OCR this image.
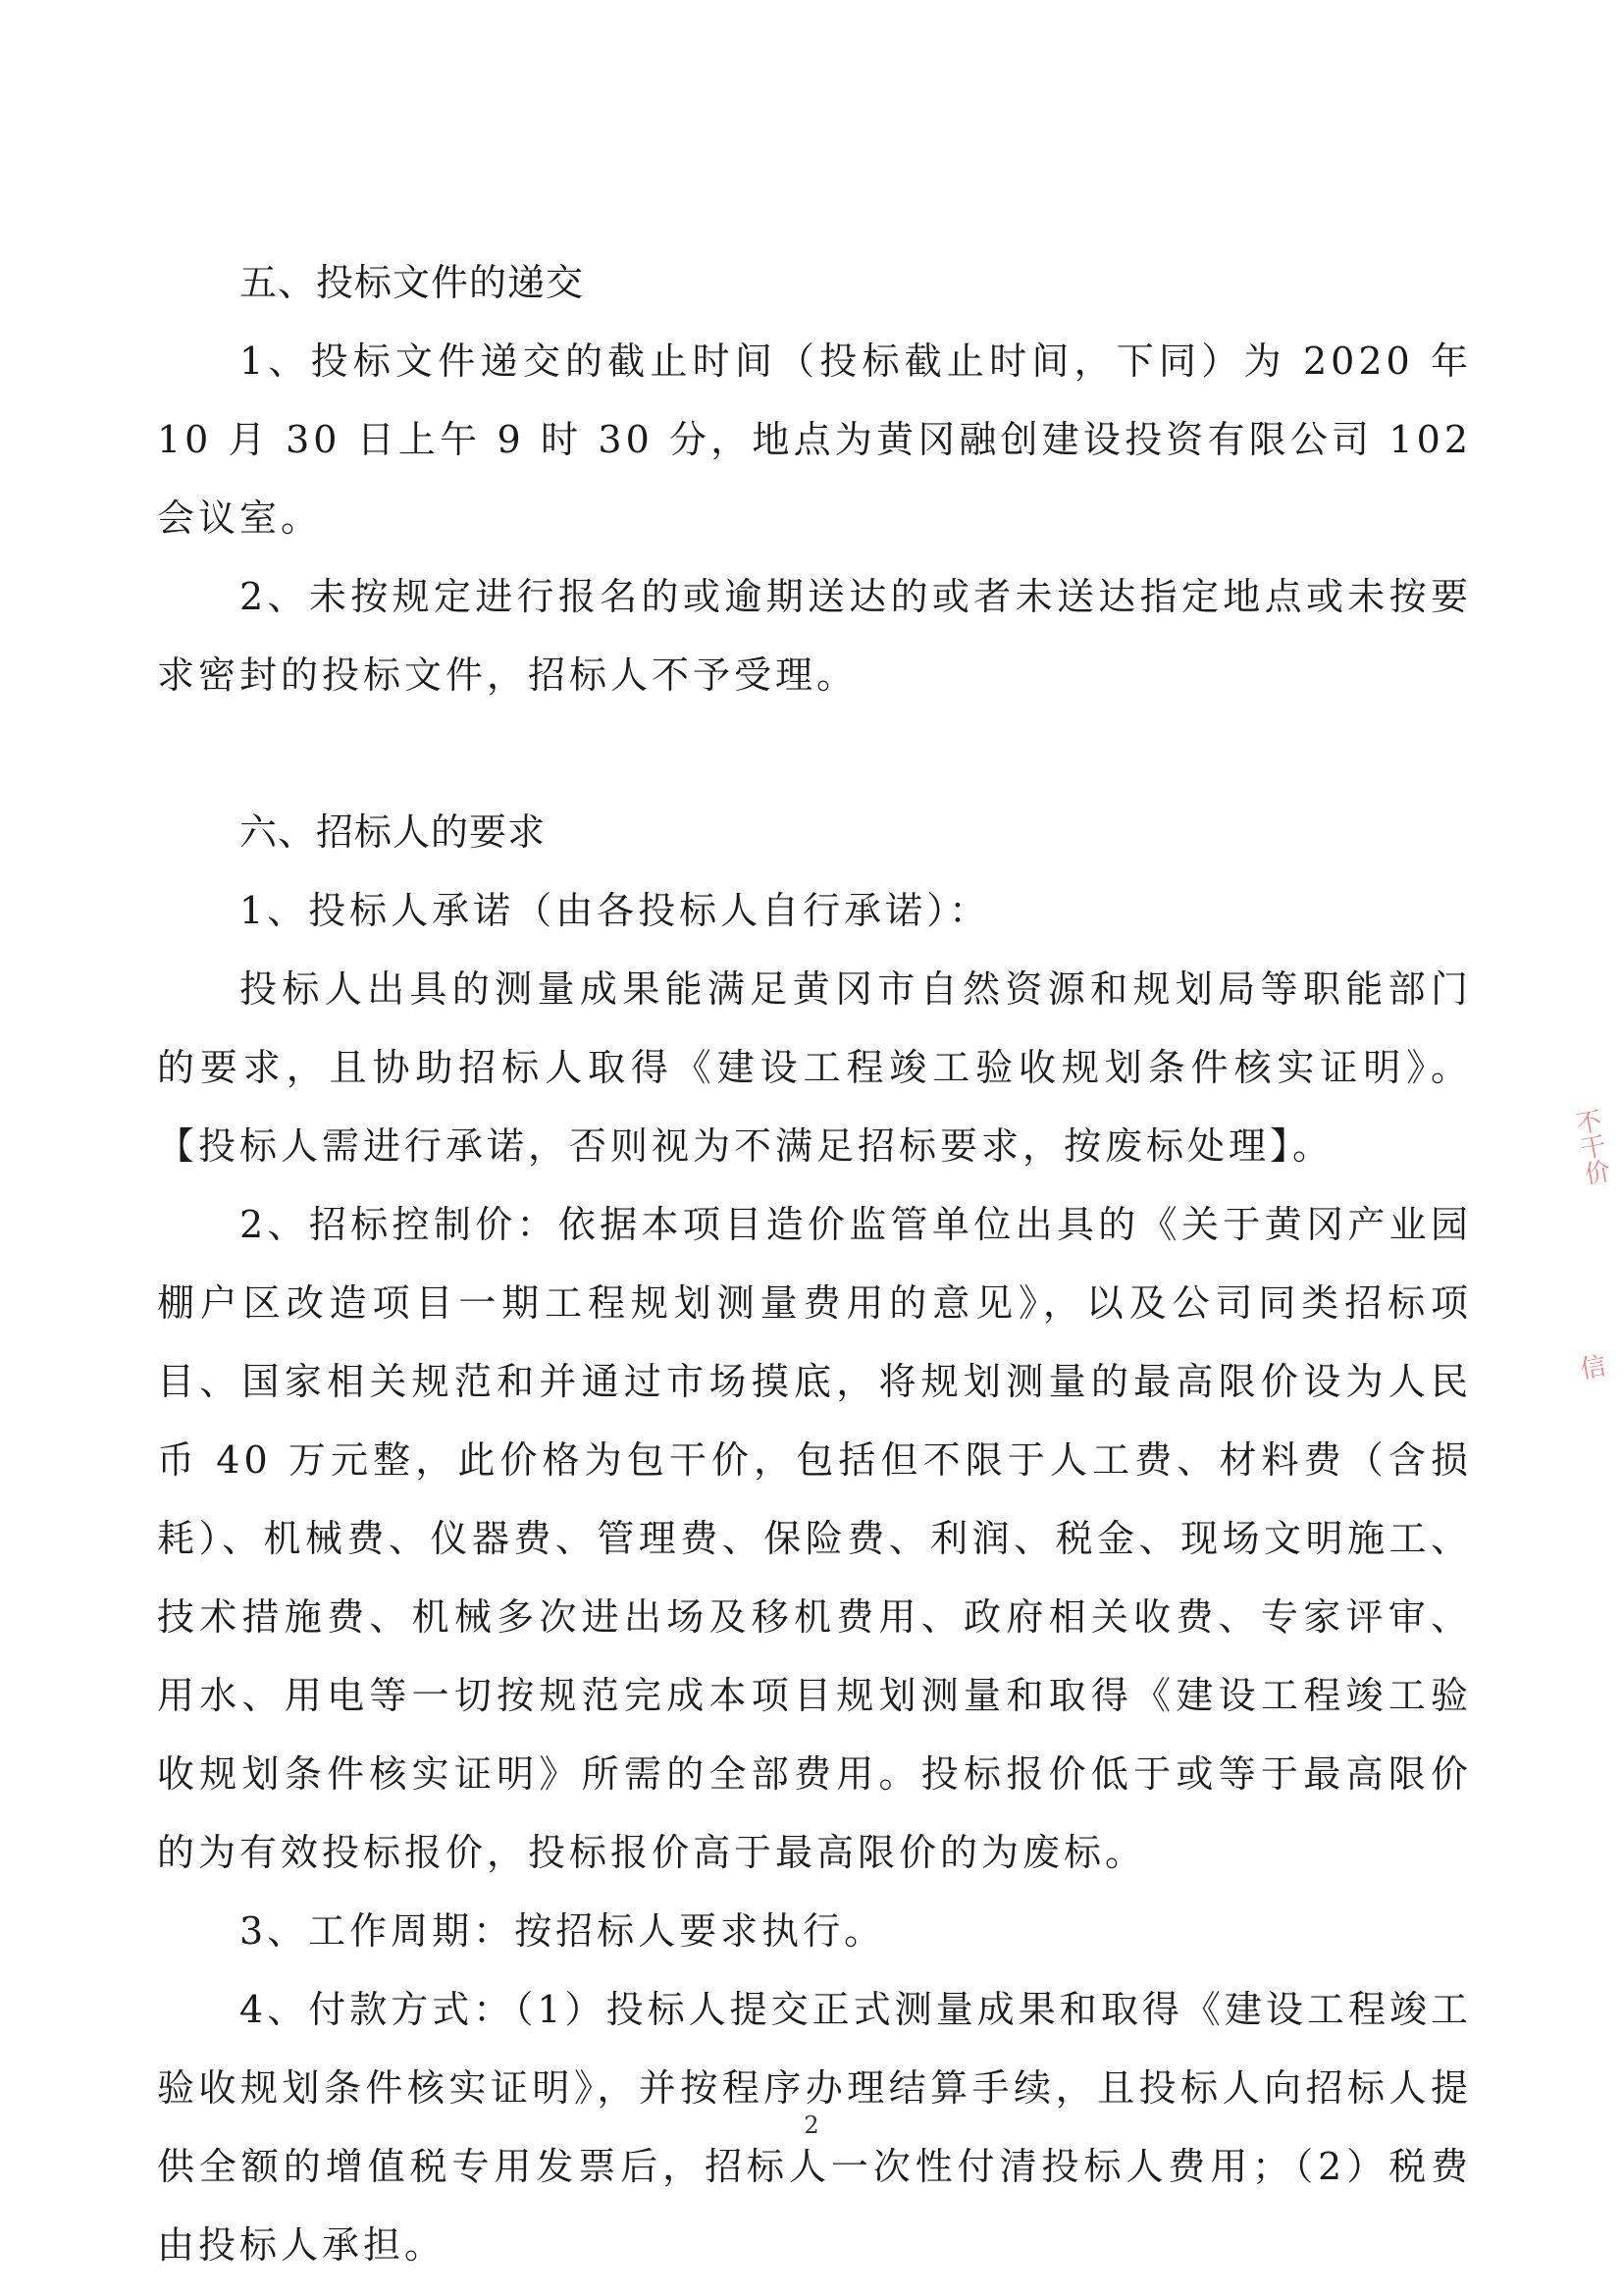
五、投标文件的递交

1、投标文件递交的截止时间（投标截止时间，下同）为 2020 年 10 月 30 日上午 9 时 30 分，地点为黄冈融创建设投资有限公司 102 会议室。

2、未按规定进行报名的或逾期送达的或者未送达指定地点或未按要求密封的投标文件，招标人不予受理。

六、招标人的要求

1、投标人承诺（由各投标人自行承诺）：

投标人出具的测量成果能满足黄冈市自然资源和规划局等职能部门的要求，且协助招标人取得《建设工程竣工验收规划条件核实证明》。【投标人需进行承诺，否则视为不满足招标要求，按废标处理】。

2、招标控制价：依据本项目造价监管单位出具的《关于黄冈产业园棚户区改造项目一期工程规划测量费用的意见》，以及公司同类招标项目、国家相关规范和并通过市场摸底，将规划测量的最高限价设为人民币 40 万元整，此价格为包干价，包括但不限于人工费、材料费（含损耗）、机械费、仪器费、管理费、保险费、利润、税金、现场文明施工、技术措施费、机械多次进出场及移机费用、政府相关收费、专家评审、用水、用电等一切按规范完成本项目规划测量和取得《建设工程竣工验收规划条件核实证明》所需的全部费用。投标报价低于或等于最高限价的为有效投标报价，投标报价高于最高限价的为废标。

3、工作周期：按招标人要求执行。

4、付款方式：（1）投标人提交正式测量成果和取得《建设工程竣工验收规划条件核实证明》，并按程序办理结算手续，且投标人向招标人提供全额的增值税专用发票后，招标人一次性付清投标人费用；（2）税费由投标人承担。

不干价
信
2
